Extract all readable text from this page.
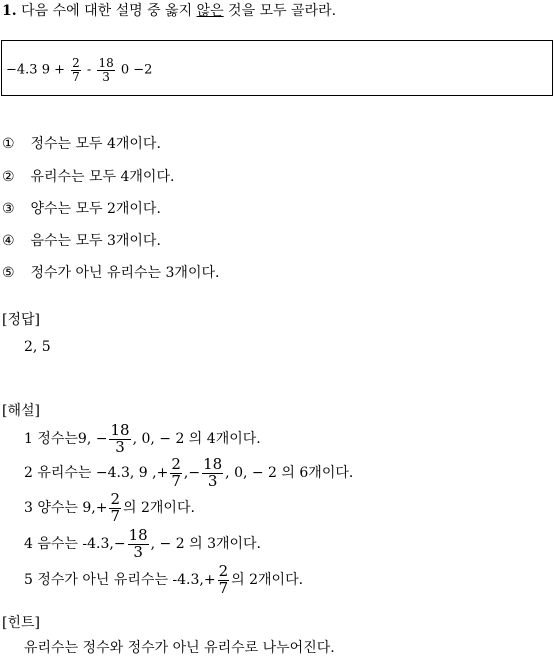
1. 다음 수에 대한 설명 중 옳지 않은 것을 모두 골라라.
−4.3 $9 + \frac{2}{7} - \frac{18}{3} 0 -2$
① 정수는 모두 4개이다.
② 유리수는 모두 4개이다.
③ 양수는 모두 2개이다.
④ 음수는 모두 3개이다.
⑤ 정수가 아닌 유리수는 3개이다.
[정답]
2, 5
[해설]
1 정수는9, − $\frac{18}{3}$ , 0, − 2 의 4개이다.
2 유리수는 −4.3, 9 ,+ $\frac{2}{7}$ ,− $\frac{18}{3}$ , 0, − 2 의 6개이다.
3 양수는 $9,+ \frac{2}{7}$ 의 2개이다.
4 음수는 $-4.3,- \frac{18}{3}$ , − 2 의 3개이다.
5 정수가 아닌 유리수는 $-4.3,+ \frac{2}{7}$ 의 2개이다.
[힌트]
유리수는 정수와 정수가 아닌 유리수로 나누어진다.
